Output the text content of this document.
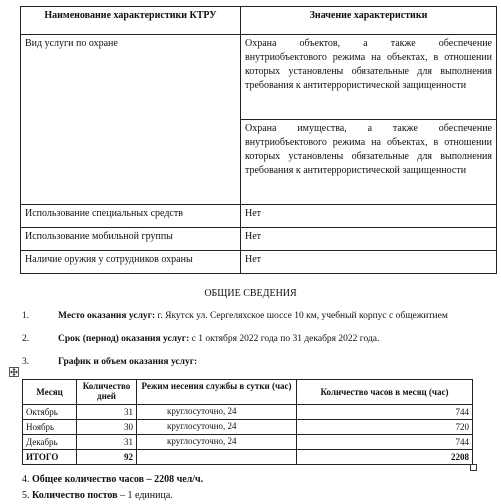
Наименование характеристики КТРУ	Значение характеристики
Вид услуги по охране	Охрана объектов, а также обеспечение внутриобъектового режима на объектах, в отношении которых установлены обязательные для выполнения требования к антитеррористической защищенности
	Охрана имущества, а также обеспечение внутриобъектового режима на объектах, в отношении которых установлены обязательные для выполнения требования к антитеррористической защищенности
Использование специальных средств	Нет
Использование мобильной группы	Нет
Наличие оружия у сотрудников охраны	Нет
ОБЩИЕ СВЕДЕНИЯ
1.	Место оказания услуг: г. Якутск ул. Сергеляхское шоссе 10 км, учебный корпус с общежитием
2.	Срок (период) оказания услуг: с 1 октября 2022 года по 31 декабря 2022 года.
3.	График и объем оказания услуг:
Месяц	Количество дней	Режим несения службы в сутки (час)	Количество часов в месяц (час)
Октябрь	31	круглосуточно, 24	744
Ноябрь	30	круглосуточно, 24	720
Декабрь	31	круглосуточно, 24	744
ИТОГО	92		2208
4. Общее количество часов – 2208 чел/ч.
5. Количество постов – 1 единица.
